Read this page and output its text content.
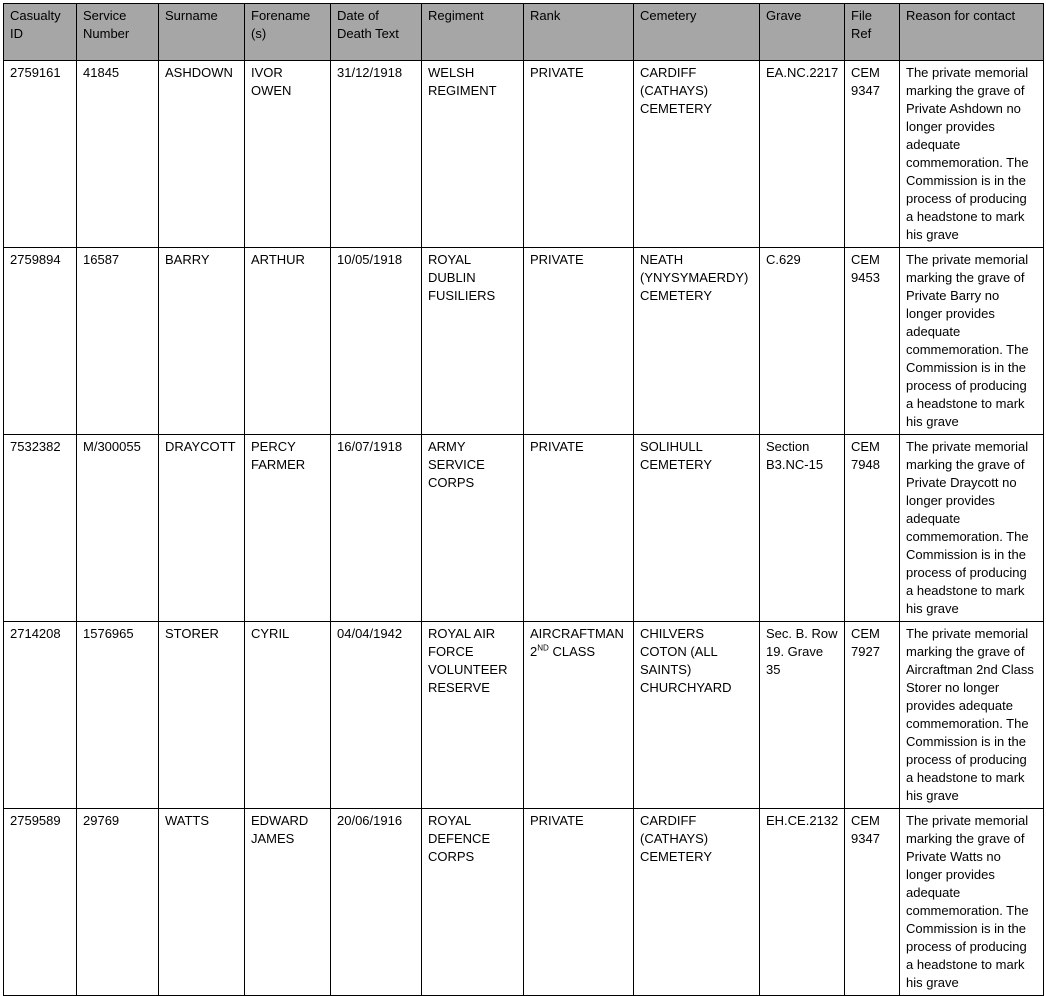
Casualty ID	Service Number	Surname	Forename (s)	Date of Death Text	Regiment	Rank	Cemetery	Grave	File Ref	Reason for contact
2759161	41845	ASHDOWN	IVOR OWEN	31/12/1918	WELSH REGIMENT	PRIVATE	CARDIFF (CATHAYS) CEMETERY	EA.NC.2217	CEM 9347	The private memorial marking the grave of Private Ashdown no longer provides adequate commemoration. The Commission is in the process of producing a headstone to mark his grave
2759894	16587	BARRY	ARTHUR	10/05/1918	ROYAL DUBLIN FUSILIERS	PRIVATE	NEATH (YNYSYMAERDY) CEMETERY	C.629	CEM 9453	The private memorial marking the grave of Private Barry no longer provides adequate commemoration. The Commission is in the process of producing a headstone to mark his grave
7532382	M/300055	DRAYCOTT	PERCY FARMER	16/07/1918	ARMY SERVICE CORPS	PRIVATE	SOLIHULL CEMETERY	Section B3.NC-15	CEM 7948	The private memorial marking the grave of Private Draycott no longer provides adequate commemoration. The Commission is in the process of producing a headstone to mark his grave
2714208	1576965	STORER	CYRIL	04/04/1942	ROYAL AIR FORCE VOLUNTEER RESERVE	AIRCRAFTMAN 2ND CLASS	CHILVERS COTON (ALL SAINTS) CHURCHYARD	Sec. B. Row 19. Grave 35	CEM 7927	The private memorial marking the grave of Aircraftman 2nd Class Storer no longer provides adequate commemoration. The Commission is in the process of producing a headstone to mark his grave
2759589	29769	WATTS	EDWARD JAMES	20/06/1916	ROYAL DEFENCE CORPS	PRIVATE	CARDIFF (CATHAYS) CEMETERY	EH.CE.2132	CEM 9347	The private memorial marking the grave of Private Watts no longer provides adequate commemoration. The Commission is in the process of producing a headstone to mark his grave
